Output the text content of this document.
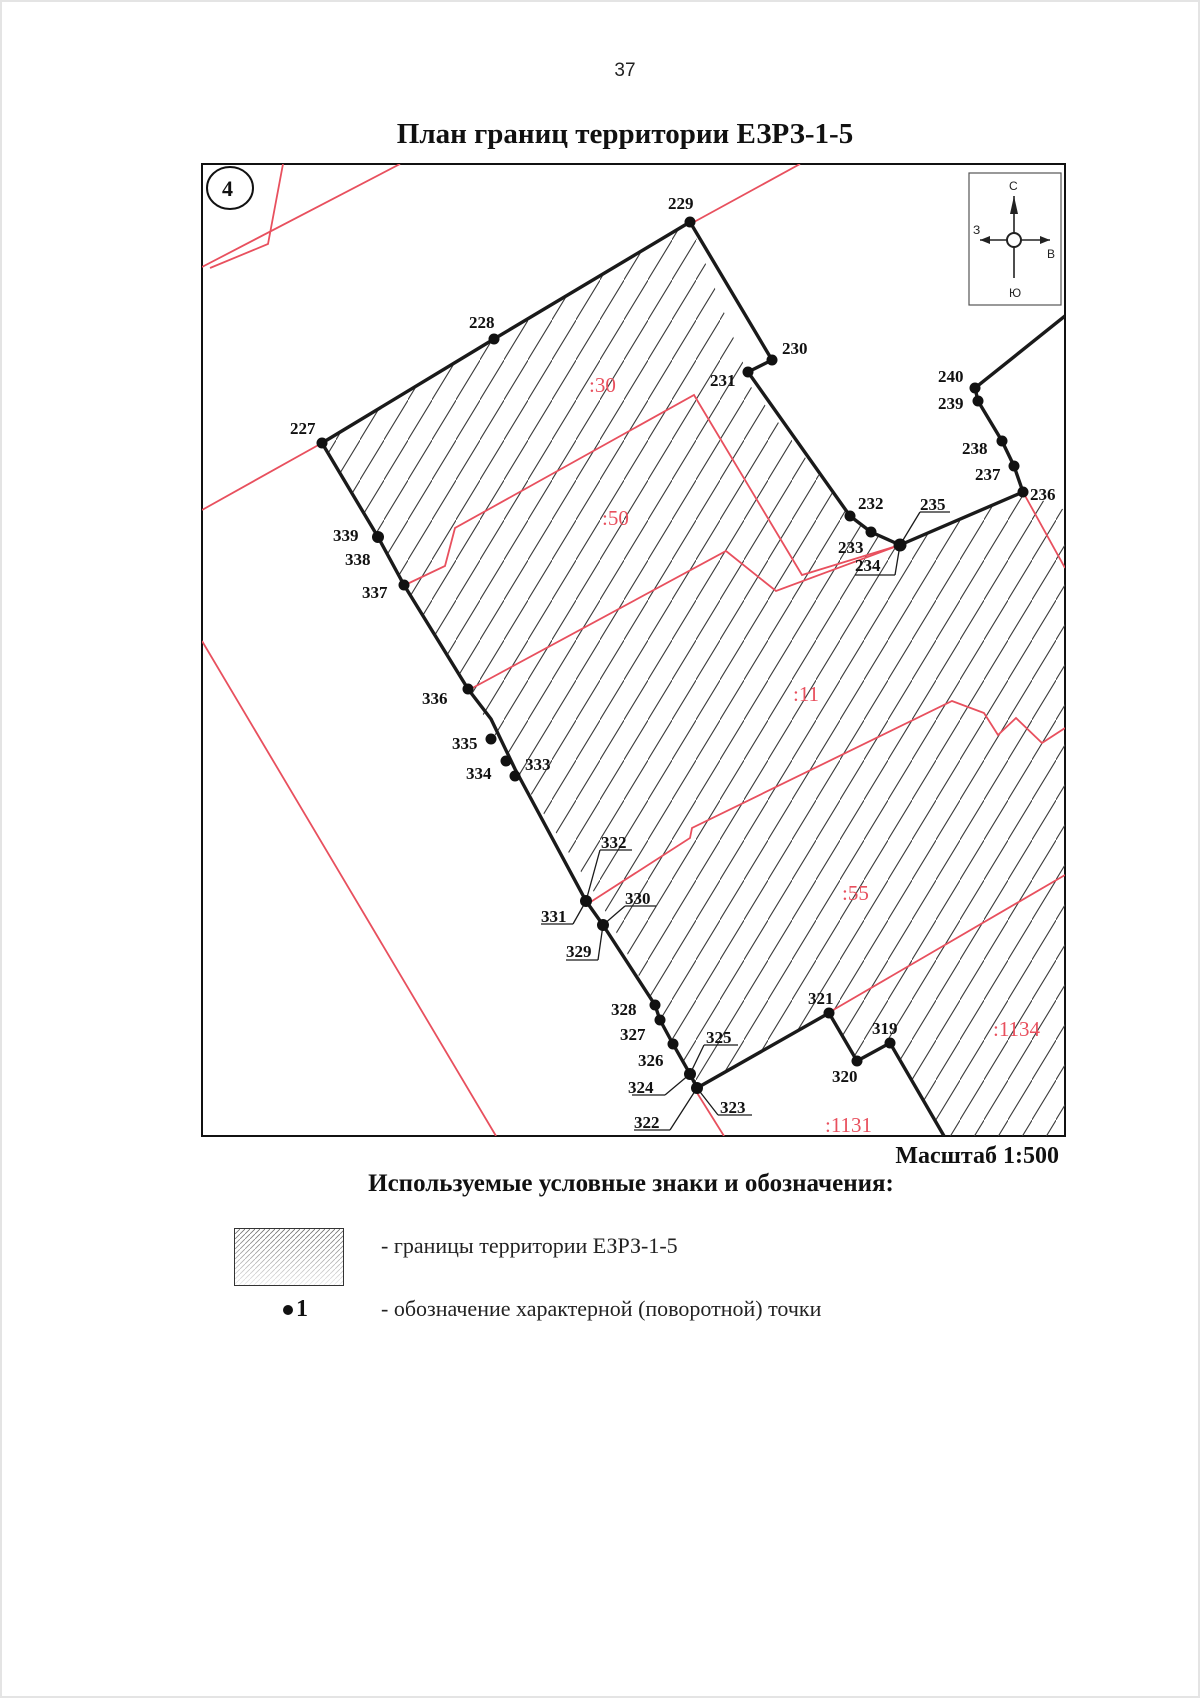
37
План границ территории ЕЗРЗ-1-5
:30
:50
:11
:55
:1134
:1131
227
228
229
230
231
232
233
234
235
236
237
238
239
240
319
320
321
322
323
324
325
326
327
328
329
330
331
332
333
334
335
336
337
338
339
4	С
Ю
З
В
Масштаб 1:500
Используемые условные знаки и обозначения:
- границы территории ЕЗРЗ-1-5
1	- обозначение характерной (поворотной) точки
